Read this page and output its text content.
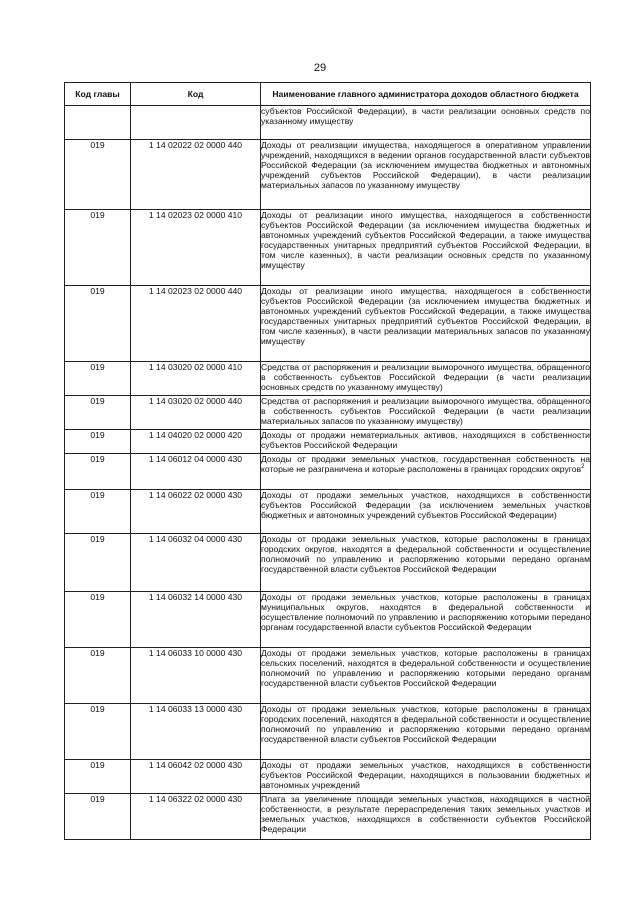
29
Код главы	Код	Наименование главного администратора доходов областного бюджета
		субъектов Российской Федерации), в части реализации основных средств по указанному имуществу
019	1 14 02022 02 0000 440	Доходы от реализации имущества, находящегося в оперативном управлении учреждений, находящихся в ведении органов государственной власти субъектов Российской Федерации (за исключением имущества бюджетных и автономных учреждений субъектов Российской Федерации), в части реализации материальных запасов по указанному имуществу
019	1 14 02023 02 0000 410	Доходы от реализации иного имущества, находящегося в собственности субъектов Российской Федерации (за исключением имущества бюджетных и автономных учреждений субъектов Российской Федерации, а также имущества государственных унитарных предприятий субъектов Российской Федерации, в том числе казенных), в части реализации основных средств по указанному имуществу
019	1 14 02023 02 0000 440	Доходы от реализации иного имущества, находящегося в собственности субъектов Российской Федерации (за исключением имущества бюджетных и автономных учреждений субъектов Российской Федерации, а также имущества государственных унитарных предприятий субъектов Российской Федерации, в том числе казенных), в части реализации материальных запасов по указанному имуществу
019	1 14 03020 02 0000 410	Средства от распоряжения и реализации выморочного имущества, обращенного в собственность субъектов Российской Федерации (в части реализации основных средств по указанному имуществу)
019	1 14 03020 02 0000 440	Средства от распоряжения и реализации выморочного имущества, обращенного в собственность субъектов Российской Федерации (в части реализации материальных запасов по указанному имуществу)
019	1 14 04020 02 0000 420	Доходы от продажи нематериальных активов, находящихся в собственности субъектов Российской Федерации
019	1 14 06012 04 0000 430	Доходы от продажи земельных участков, государственная собственность на которые не разграничена и которые расположены в границах городских округов$^2$
019	1 14 06022 02 0000 430	Доходы от продажи земельных участков, находящихся в собственности субъектов Российской Федерации (за исключением земельных участков бюджетных и автономных учреждений субъектов Российской Федерации)
019	1 14 06032 04 0000 430	Доходы от продажи земельных участков, которые расположены в границах городских округов, находятся в федеральной собственности и осуществление полномочий по управлению и распоряжению которыми передано органам государственной власти субъектов Российской Федерации
019	1 14 06032 14 0000 430	Доходы от продажи земельных участков, которые расположены в границах муниципальных округов, находятся в федеральной собственности и осуществление полномочий по управлению и распоряжению которыми передано органам государственной власти субъектов Российской Федерации
019	1 14 06033 10 0000 430	Доходы от продажи земельных участков, которые расположены в границах сельских поселений, находятся в федеральной собственности и осуществление полномочий по управлению и распоряжению которыми передано органам государственной власти субъектов Российской Федерации
019	1 14 06033 13 0000 430	Доходы от продажи земельных участков, которые расположены в границах городских поселений, находятся в федеральной собственности и осуществление полномочий по управлению и распоряжению которыми передано органам государственной власти субъектов Российской Федерации
019	1 14 06042 02 0000 430	Доходы от продажи земельных участков, находящихся в собственности субъектов Российской Федерации, находящихся в пользовании бюджетных и автономных учреждений
019	1 14 06322 02 0000 430	Плата за увеличение площади земельных участков, находящихся в частной собственности, в результате перераспределения таких земельных участков и земельных участков, находящихся в собственности субъектов Российской Федерации
